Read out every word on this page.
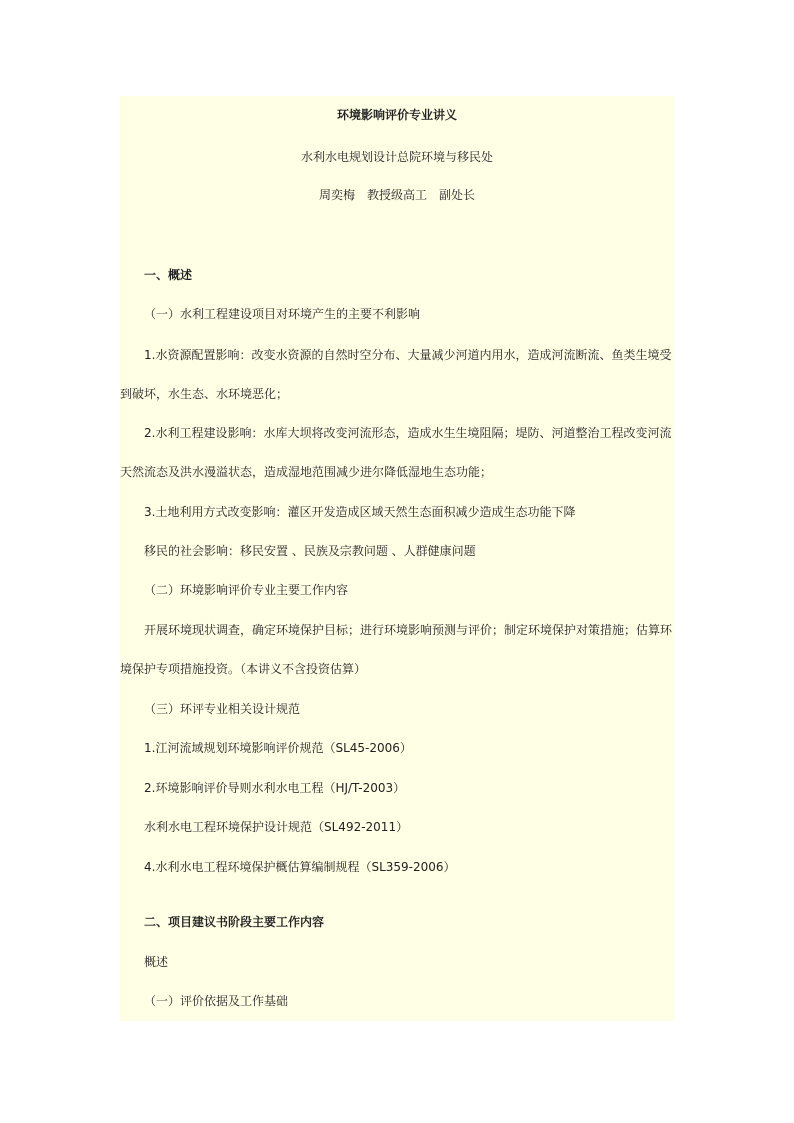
环境影响评价专业讲义
水利水电规划设计总院环境与移民处
周奕梅　教授级高工　副处长
一、概述
（一）水利工程建设项目对环境产生的主要不利影响
1.水资源配置影响：改变水资源的自然时空分布、大量减少河道内用水，造成河流断流、鱼类生境受
到破坏，水生态、水环境恶化；
2.水利工程建设影响：水库大坝将改变河流形态，造成水生生境阻隔；堤防、河道整治工程改变河流
天然流态及洪水漫溢状态，造成湿地范围减少进尔降低湿地生态功能；
3.土地利用方式改变影响：灌区开发造成区域天然生态面积减少造成生态功能下降
移民的社会影响：移民安置 、民族及宗教问题 、人群健康问题
（二）环境影响评价专业主要工作内容
开展环境现状调查，确定环境保护目标；进行环境影响预测与评价；制定环境保护对策措施；估算环
境保护专项措施投资。（本讲义不含投资估算）
（三）环评专业相关设计规范
1.江河流域规划环境影响评价规范（SL45-2006）
2.环境影响评价导则水利水电工程（HJ/T-2003）
水利水电工程环境保护设计规范（SL492-2011）
4.水利水电工程环境保护概估算编制规程（SL359-2006）
二、项目建议书阶段主要工作内容
概述
（一）评价依据及工作基础
